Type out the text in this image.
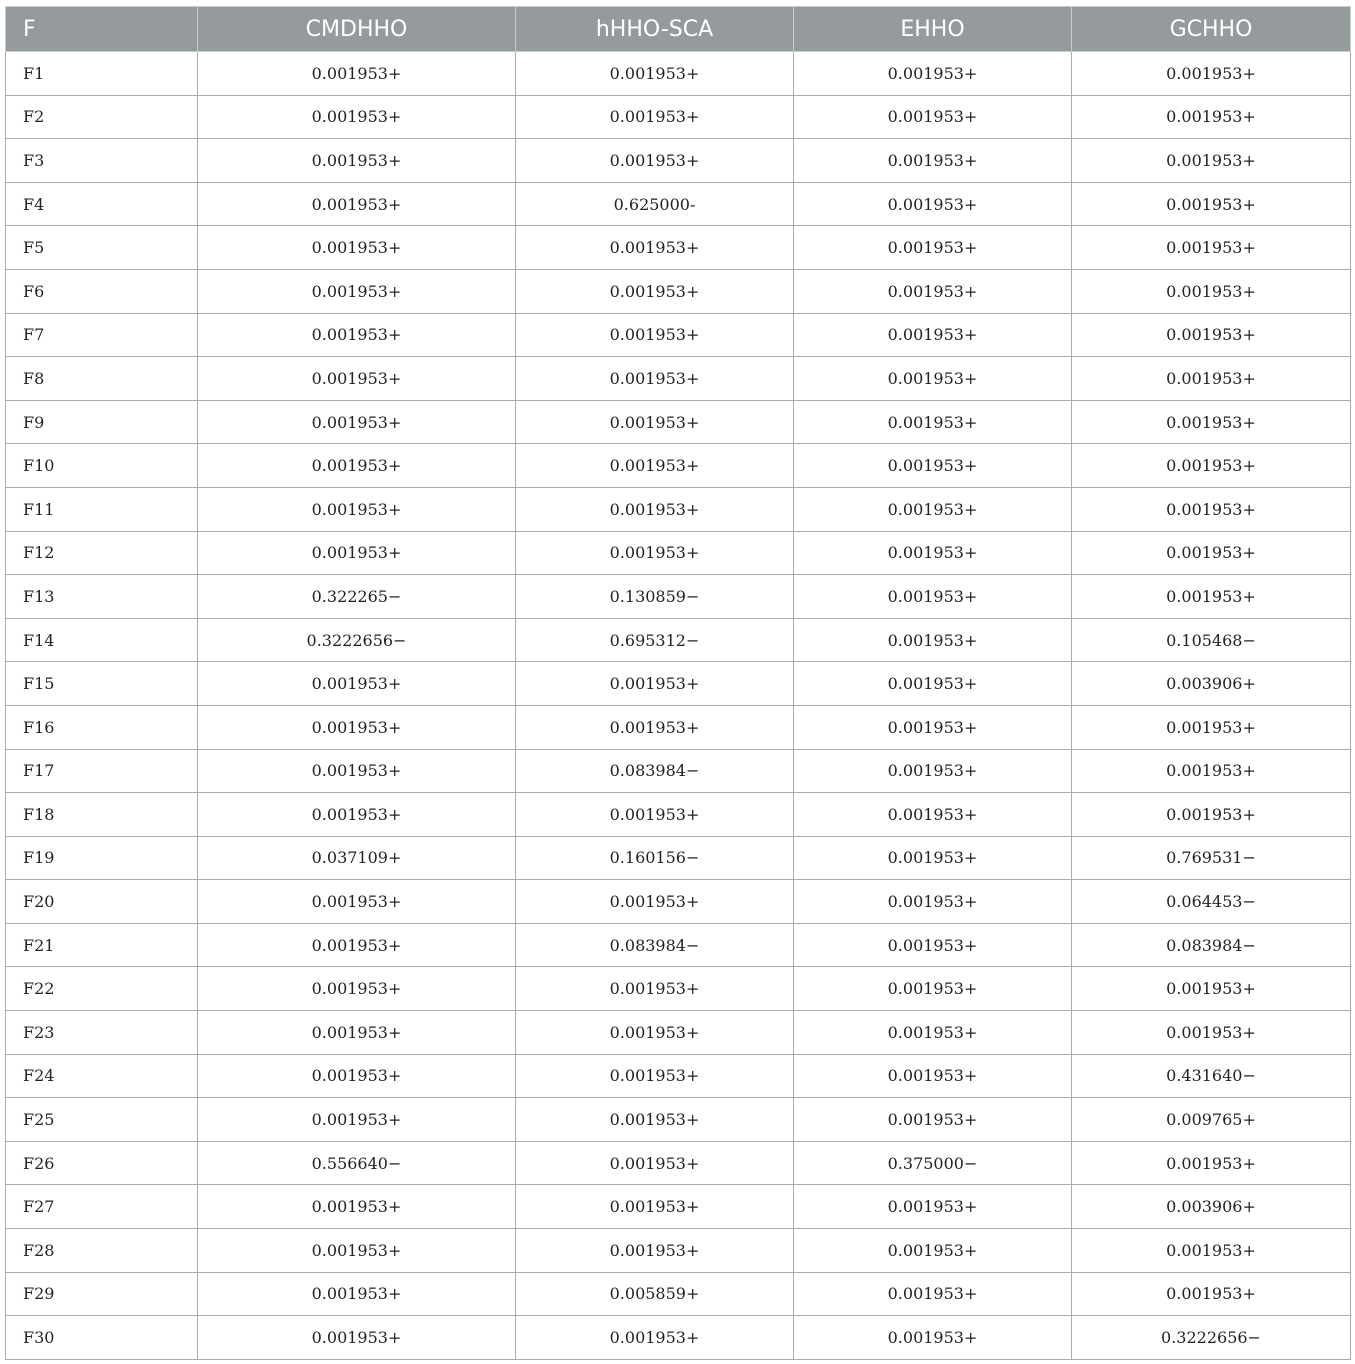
F	CMDHHO	hHHO-SCA	EHHO	GCHHO
F1	0.001953+	0.001953+	0.001953+	0.001953+
F2	0.001953+	0.001953+	0.001953+	0.001953+
F3	0.001953+	0.001953+	0.001953+	0.001953+
F4	0.001953+	0.625000-	0.001953+	0.001953+
F5	0.001953+	0.001953+	0.001953+	0.001953+
F6	0.001953+	0.001953+	0.001953+	0.001953+
F7	0.001953+	0.001953+	0.001953+	0.001953+
F8	0.001953+	0.001953+	0.001953+	0.001953+
F9	0.001953+	0.001953+	0.001953+	0.001953+
F10	0.001953+	0.001953+	0.001953+	0.001953+
F11	0.001953+	0.001953+	0.001953+	0.001953+
F12	0.001953+	0.001953+	0.001953+	0.001953+
F13	0.322265−	0.130859−	0.001953+	0.001953+
F14	0.3222656−	0.695312−	0.001953+	0.105468−
F15	0.001953+	0.001953+	0.001953+	0.003906+
F16	0.001953+	0.001953+	0.001953+	0.001953+
F17	0.001953+	0.083984−	0.001953+	0.001953+
F18	0.001953+	0.001953+	0.001953+	0.001953+
F19	0.037109+	0.160156−	0.001953+	0.769531−
F20	0.001953+	0.001953+	0.001953+	0.064453−
F21	0.001953+	0.083984−	0.001953+	0.083984−
F22	0.001953+	0.001953+	0.001953+	0.001953+
F23	0.001953+	0.001953+	0.001953+	0.001953+
F24	0.001953+	0.001953+	0.001953+	0.431640−
F25	0.001953+	0.001953+	0.001953+	0.009765+
F26	0.556640−	0.001953+	0.375000−	0.001953+
F27	0.001953+	0.001953+	0.001953+	0.003906+
F28	0.001953+	0.001953+	0.001953+	0.001953+
F29	0.001953+	0.005859+	0.001953+	0.001953+
F30	0.001953+	0.001953+	0.001953+	0.3222656−
